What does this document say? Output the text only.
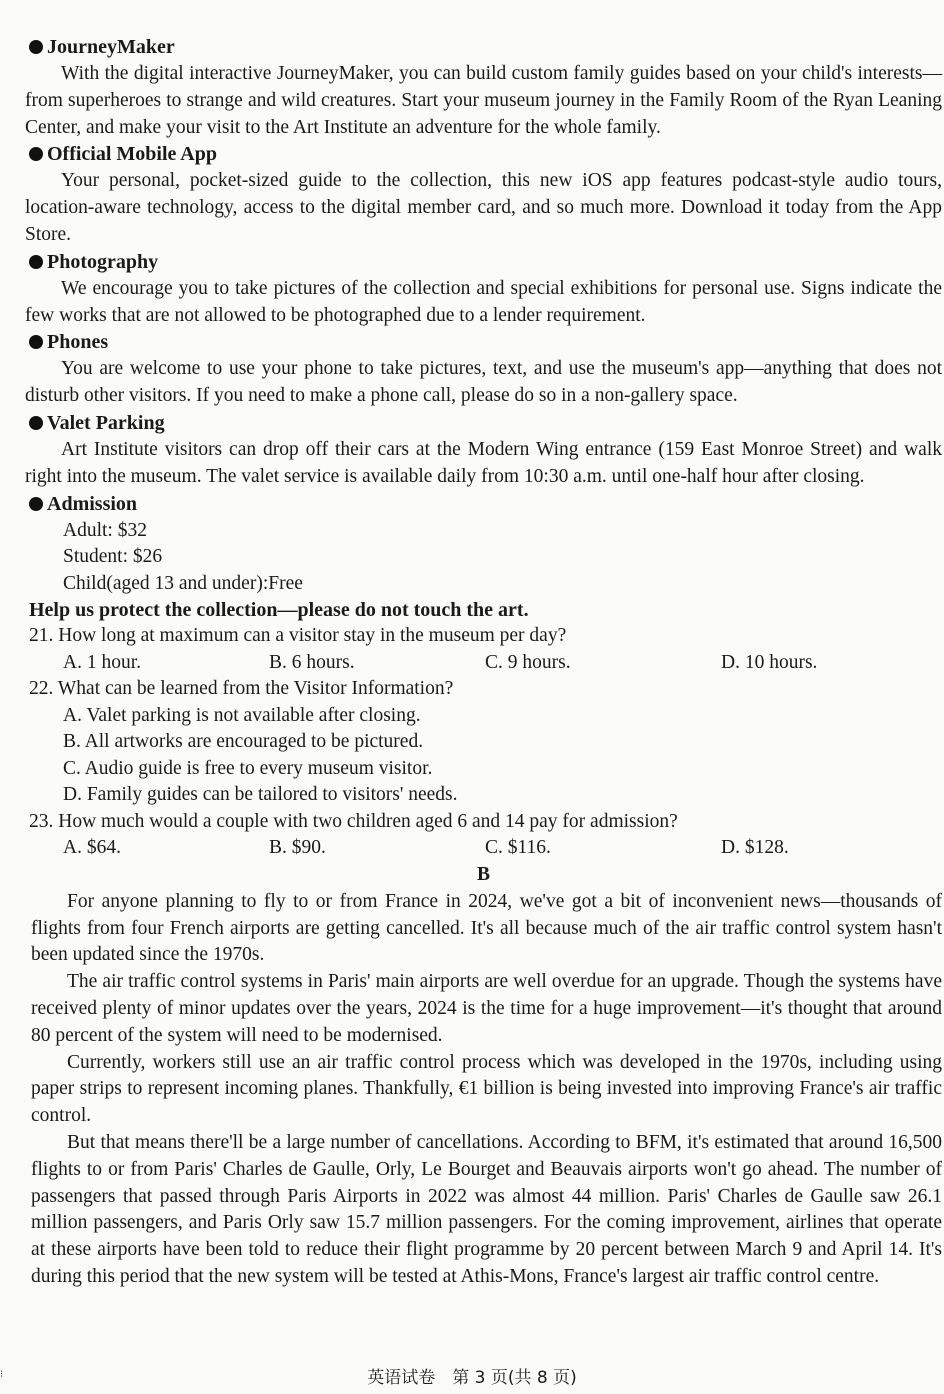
JourneyMaker

With the digital interactive JourneyMaker, you can build custom family guides based on your child's interests—from superheroes to strange and wild creatures. Start your museum journey in the Family Room of the Ryan Leaning Center, and make your visit to the Art Institute an adventure for the whole family.

Official Mobile App

Your personal, pocket-sized guide to the collection, this new iOS app features podcast-style audio tours, location-aware technology, access to the digital member card, and so much more. Download it today from the App Store.

Photography

We encourage you to take pictures of the collection and special exhibitions for personal use. Signs indicate the few works that are not allowed to be photographed due to a lender requirement.

Phones

You are welcome to use your phone to take pictures, text, and use the museum's app—anything that does not disturb other visitors. If you need to make a phone call, please do so in a non-gallery space.

Valet Parking

Art Institute visitors can drop off their cars at the Modern Wing entrance (159 East Monroe Street) and walk right into the museum. The valet service is available daily from 10:30 a.m. until one-half hour after closing.

Admission
Adult: $32
Student: $26
Child(aged 13 and under):Free
Help us protect the collection—please do not touch the art.
21. How long at maximum can a visitor stay in the museum per day?
A. 1 hour.	B. 6 hours.	C. 9 hours.	D. 10 hours.
22. What can be learned from the Visitor Information?
A. Valet parking is not available after closing.
B. All artworks are encouraged to be pictured.
C. Audio guide is free to every museum visitor.
D. Family guides can be tailored to visitors' needs.
23. How much would a couple with two children aged 6 and 14 pay for admission?
A. $64.	B. $90.	C. $116.	D. $128.
B

For anyone planning to fly to or from France in 2024, we've got a bit of inconvenient news—thousands of flights from four French airports are getting cancelled. It's all because much of the air traffic control system hasn't been updated since the 1970s.

The air traffic control systems in Paris' main airports are well overdue for an upgrade. Though the systems have received plenty of minor updates over the years, 2024 is the time for a huge improvement—it's thought that around 80 percent of the system will need to be modernised.

Currently, workers still use an air traffic control process which was developed in the 1970s, including using paper strips to represent incoming planes. Thankfully, €1 billion is being invested into improving France's air traffic control.

But that means there'll be a large number of cancellations. According to BFM, it's estimated that around 16,500 flights to or from Paris' Charles de Gaulle, Orly, Le Bourget and Beauvais airports won't go ahead. The number of passengers that passed through Paris Airports in 2022 was almost 44 million. Paris' Charles de Gaulle saw 26.1 million passengers, and Paris Orly saw 15.7 million passengers. For the coming improvement, airlines that operate at these airports have been told to reduce their flight programme by 20 percent between March 9 and April 14. It's during this period that the new system will be tested at Athis-Mons, France's largest air traffic control centre.

⁝	英语试卷　第 3 页(共 8 页)
